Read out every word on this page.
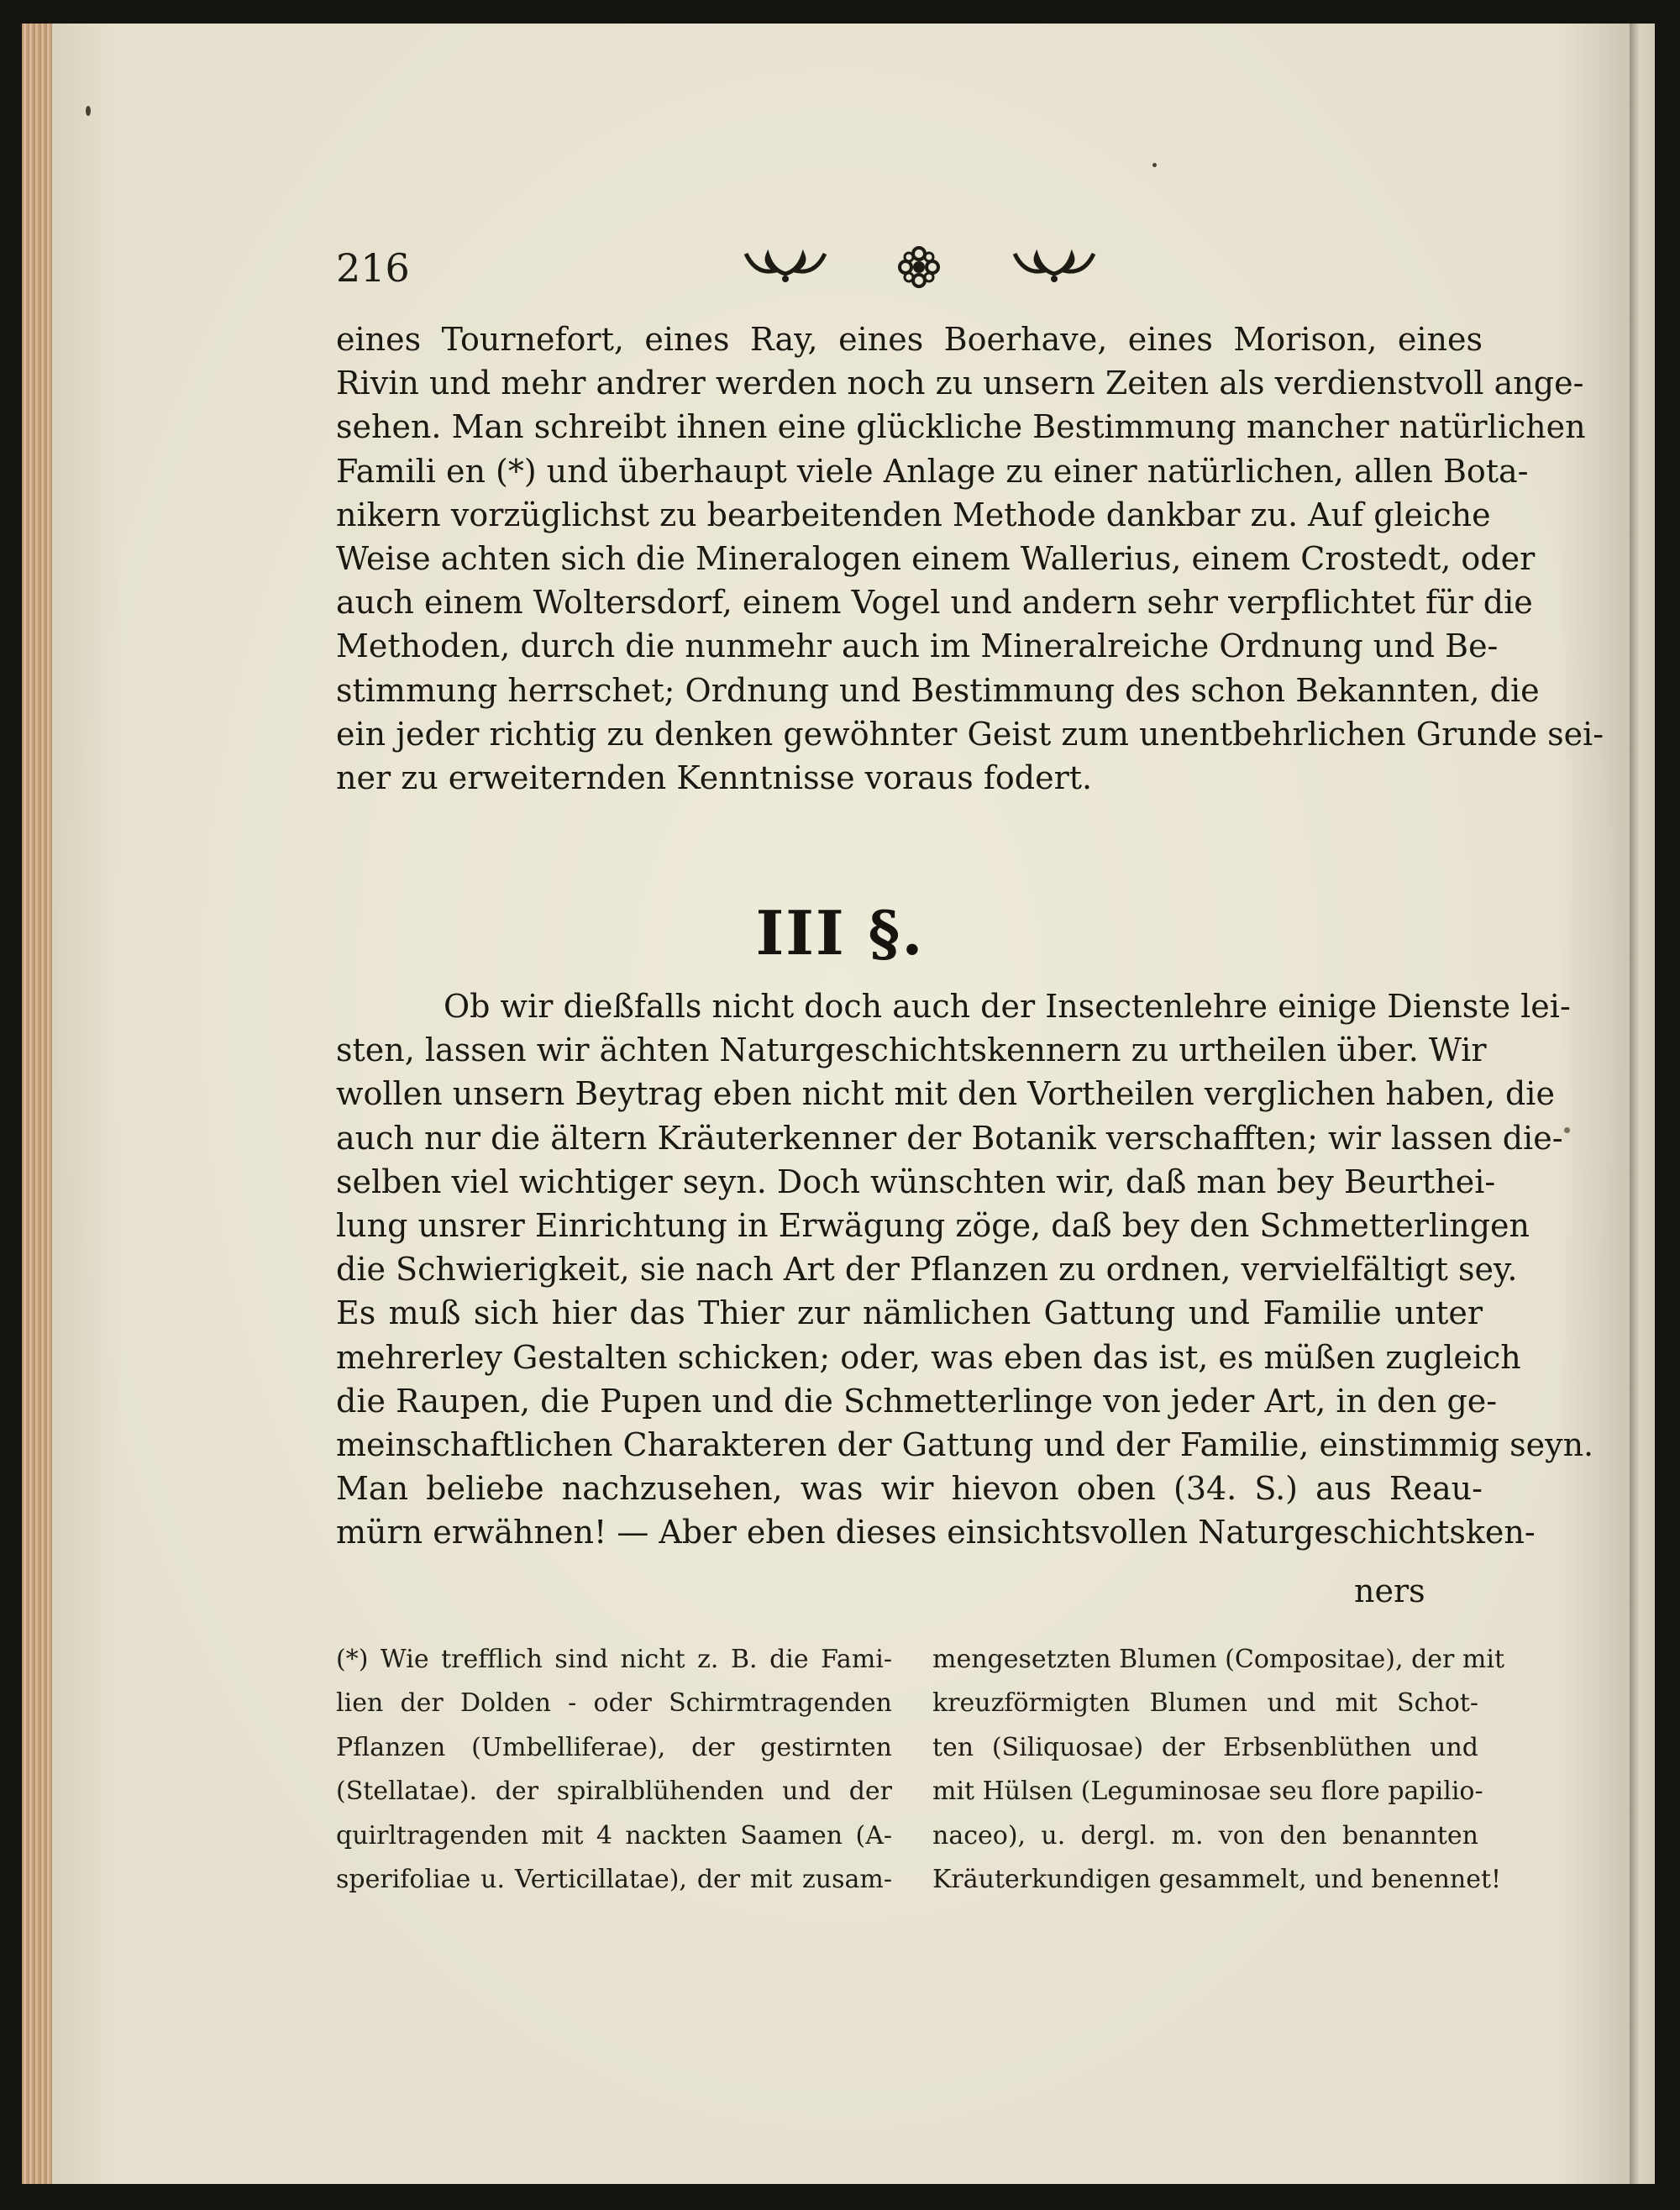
216
eines Tournefort, eines Ray, eines Boerhave, eines Morison, eines
Rivin und mehr andrer werden noch zu unsern Zeiten als verdienstvoll ange-
sehen. Man schreibt ihnen eine glückliche Bestimmung mancher natürlichen
Famili en (*) und überhaupt viele Anlage zu einer natürlichen, allen Bota-
nikern vorzüglichst zu bearbeitenden Methode dankbar zu. Auf gleiche
Weise achten sich die Mineralogen einem Wallerius, einem Crostedt, oder
auch einem Woltersdorf, einem Vogel und andern sehr verpflichtet für die
Methoden, durch die nunmehr auch im Mineralreiche Ordnung und Be-
stimmung herrschet; Ordnung und Bestimmung des schon Bekannten, die
ein jeder richtig zu denken gewöhnter Geist zum unentbehrlichen Grunde sei-
ner zu erweiternden Kenntnisse voraus fodert.
III §.
Ob wir dießfalls nicht doch auch der Insectenlehre einige Dienste lei-
sten, lassen wir ächten Naturgeschichtskennern zu urtheilen über. Wir
wollen unsern Beytrag eben nicht mit den Vortheilen verglichen haben, die
auch nur die ältern Kräuterkenner der Botanik verschafften; wir lassen die-
selben viel wichtiger seyn. Doch wünschten wir, daß man bey Beurthei-
lung unsrer Einrichtung in Erwägung zöge, daß bey den Schmetterlingen
die Schwierigkeit, sie nach Art der Pflanzen zu ordnen, vervielfältigt sey.
Es muß sich hier das Thier zur nämlichen Gattung und Familie unter
mehrerley Gestalten schicken; oder, was eben das ist, es müßen zugleich
die Raupen, die Pupen und die Schmetterlinge von jeder Art, in den ge-
meinschaftlichen Charakteren der Gattung und der Familie, einstimmig seyn.
Man beliebe nachzusehen, was wir hievon oben (34. S.) aus Reau-
mürn erwähnen! — Aber eben dieses einsichtsvollen Naturgeschichtsken-
ners
(*) Wie trefflich sind nicht z. B. die Fami-
lien der Dolden - oder Schirmtragenden
Pflanzen (Umbelliferae), der gestirnten
(Stellatae). der spiralblühenden und der
quirltragenden mit 4 nackten Saamen (A-
sperifoliae u. Verticillatae), der mit zusam-
mengesetzten Blumen (Compositae), der mit
kreuzförmigten Blumen und mit Schot-
ten (Siliquosae) der Erbsenblüthen und
mit Hülsen (Leguminosae seu flore papilio-
naceo), u. dergl. m. von den benannten
Kräuterkundigen gesammelt, und benennet!
